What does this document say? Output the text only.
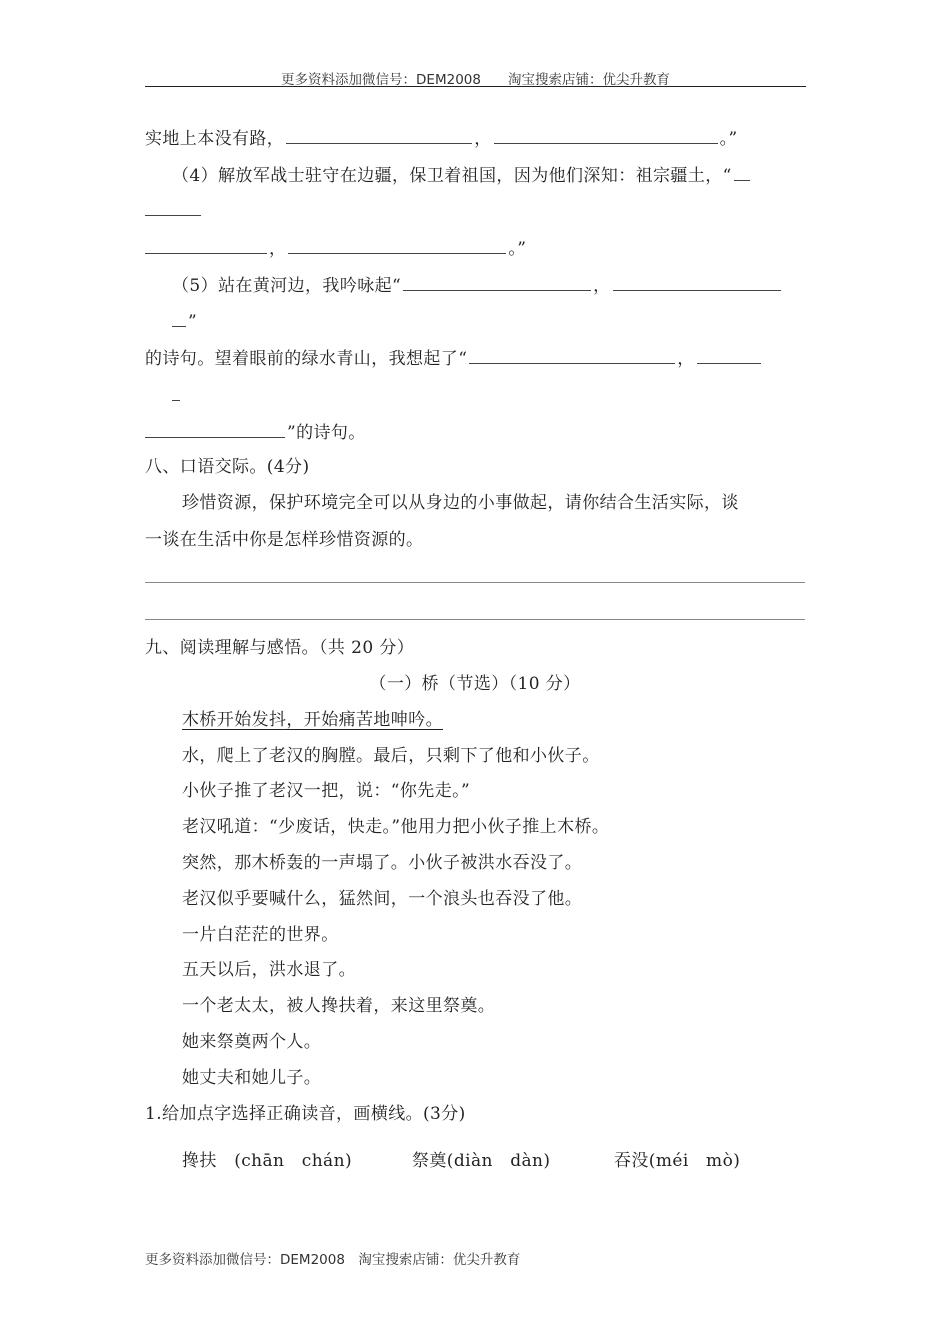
更多资料添加微信号：DEM2008　　淘宝搜索店铺：优尖升教育
实地上本没有路，	，	。”
（4）解放军战士驻守在边疆，保卫着祖国，因为他们深知：祖宗疆土，“
，	。”
（5）站在黄河边，我吟咏起“	，
”
的诗句。望着眼前的绿水青山，我想起了“	，
”的诗句。
八、口语交际。(4分)
珍惜资源，保护环境完全可以从身边的小事做起，请你结合生活实际，谈
一谈在生活中你是怎样珍惜资源的。
九、阅读理解与感悟。（共 20 分）
（一）桥（节选）（10 分）
木桥开始发抖，开始痛苦地呻吟。
水，爬上了老汉的胸膛。最后，只剩下了他和小伙子。
小伙子推了老汉一把，说：“你先走。”
老汉吼道：“少废话，快走。”他用力把小伙子推上木桥。
突然，那木桥轰的一声塌了。小伙子被洪水吞没了。
老汉似乎要喊什么，猛然间，一个浪头也吞没了他。
一片白茫茫的世界。
五天以后，洪水退了。
一个老太太，被人搀扶着，来这里祭奠。
她来祭奠两个人。
她丈夫和她儿子。
1.给加点字选择正确读音，画横线。(3分)
搀扶　(chān　chán)	祭奠(diàn　dàn)	吞没(méi　mò)
更多资料添加微信号：DEM2008　淘宝搜索店铺：优尖升教育
